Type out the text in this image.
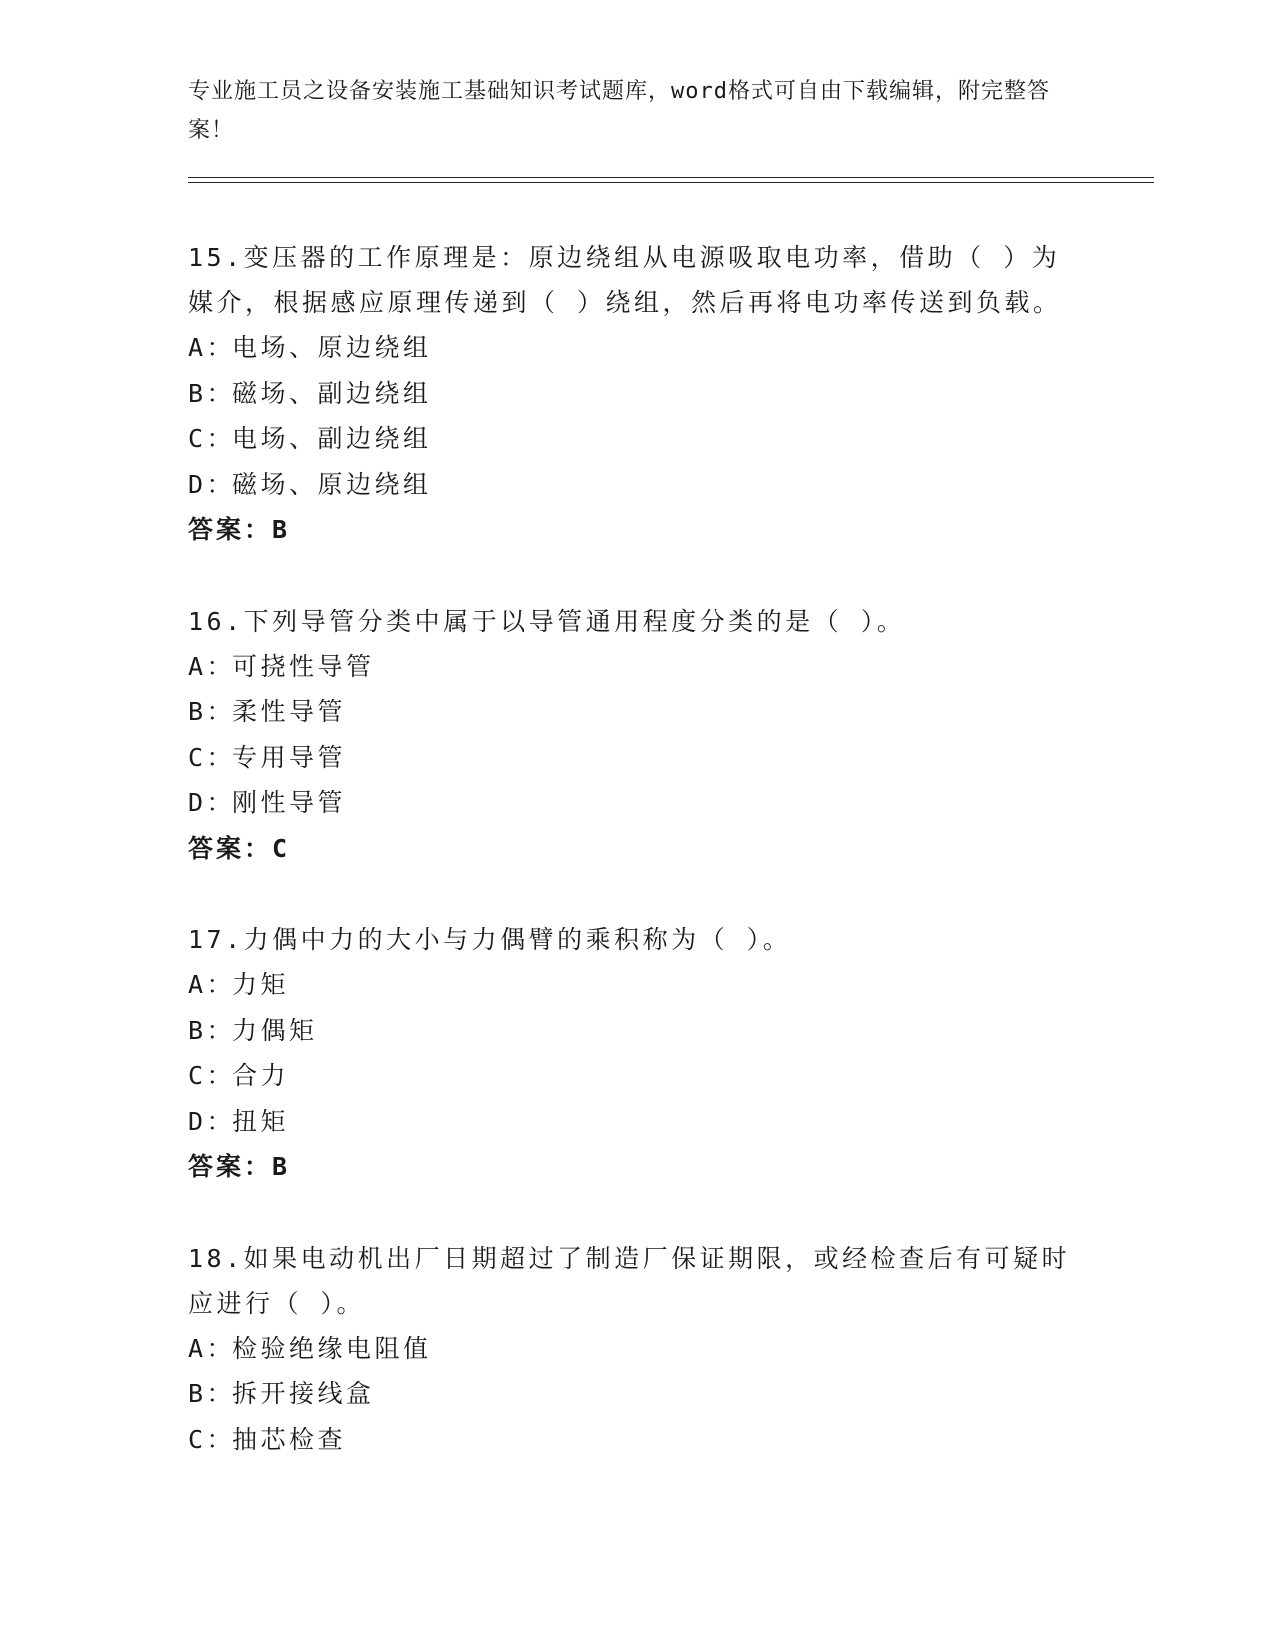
专业施工员之设备安装施工基础知识考试题库，word格式可自由下载编辑，附完整答案！

15.变压器的工作原理是：原边绕组从电源吸取电功率，借助（ ）为媒介，根据感应原理传递到（ ）绕组，然后再将电功率传送到负载。

A：电场、原边绕组

B：磁场、副边绕组

C：电场、副边绕组

D：磁场、原边绕组

答案：B

16.下列导管分类中属于以导管通用程度分类的是（ ）。

A：可挠性导管

B：柔性导管

C：专用导管

D：刚性导管

答案：C

17.力偶中力的大小与力偶臂的乘积称为（ ）。

A：力矩

B：力偶矩

C：合力

D：扭矩

答案：B

18.如果电动机出厂日期超过了制造厂保证期限，或经检查后有可疑时应进行（ ）。

A：检验绝缘电阻值

B：拆开接线盒

C：抽芯检查
